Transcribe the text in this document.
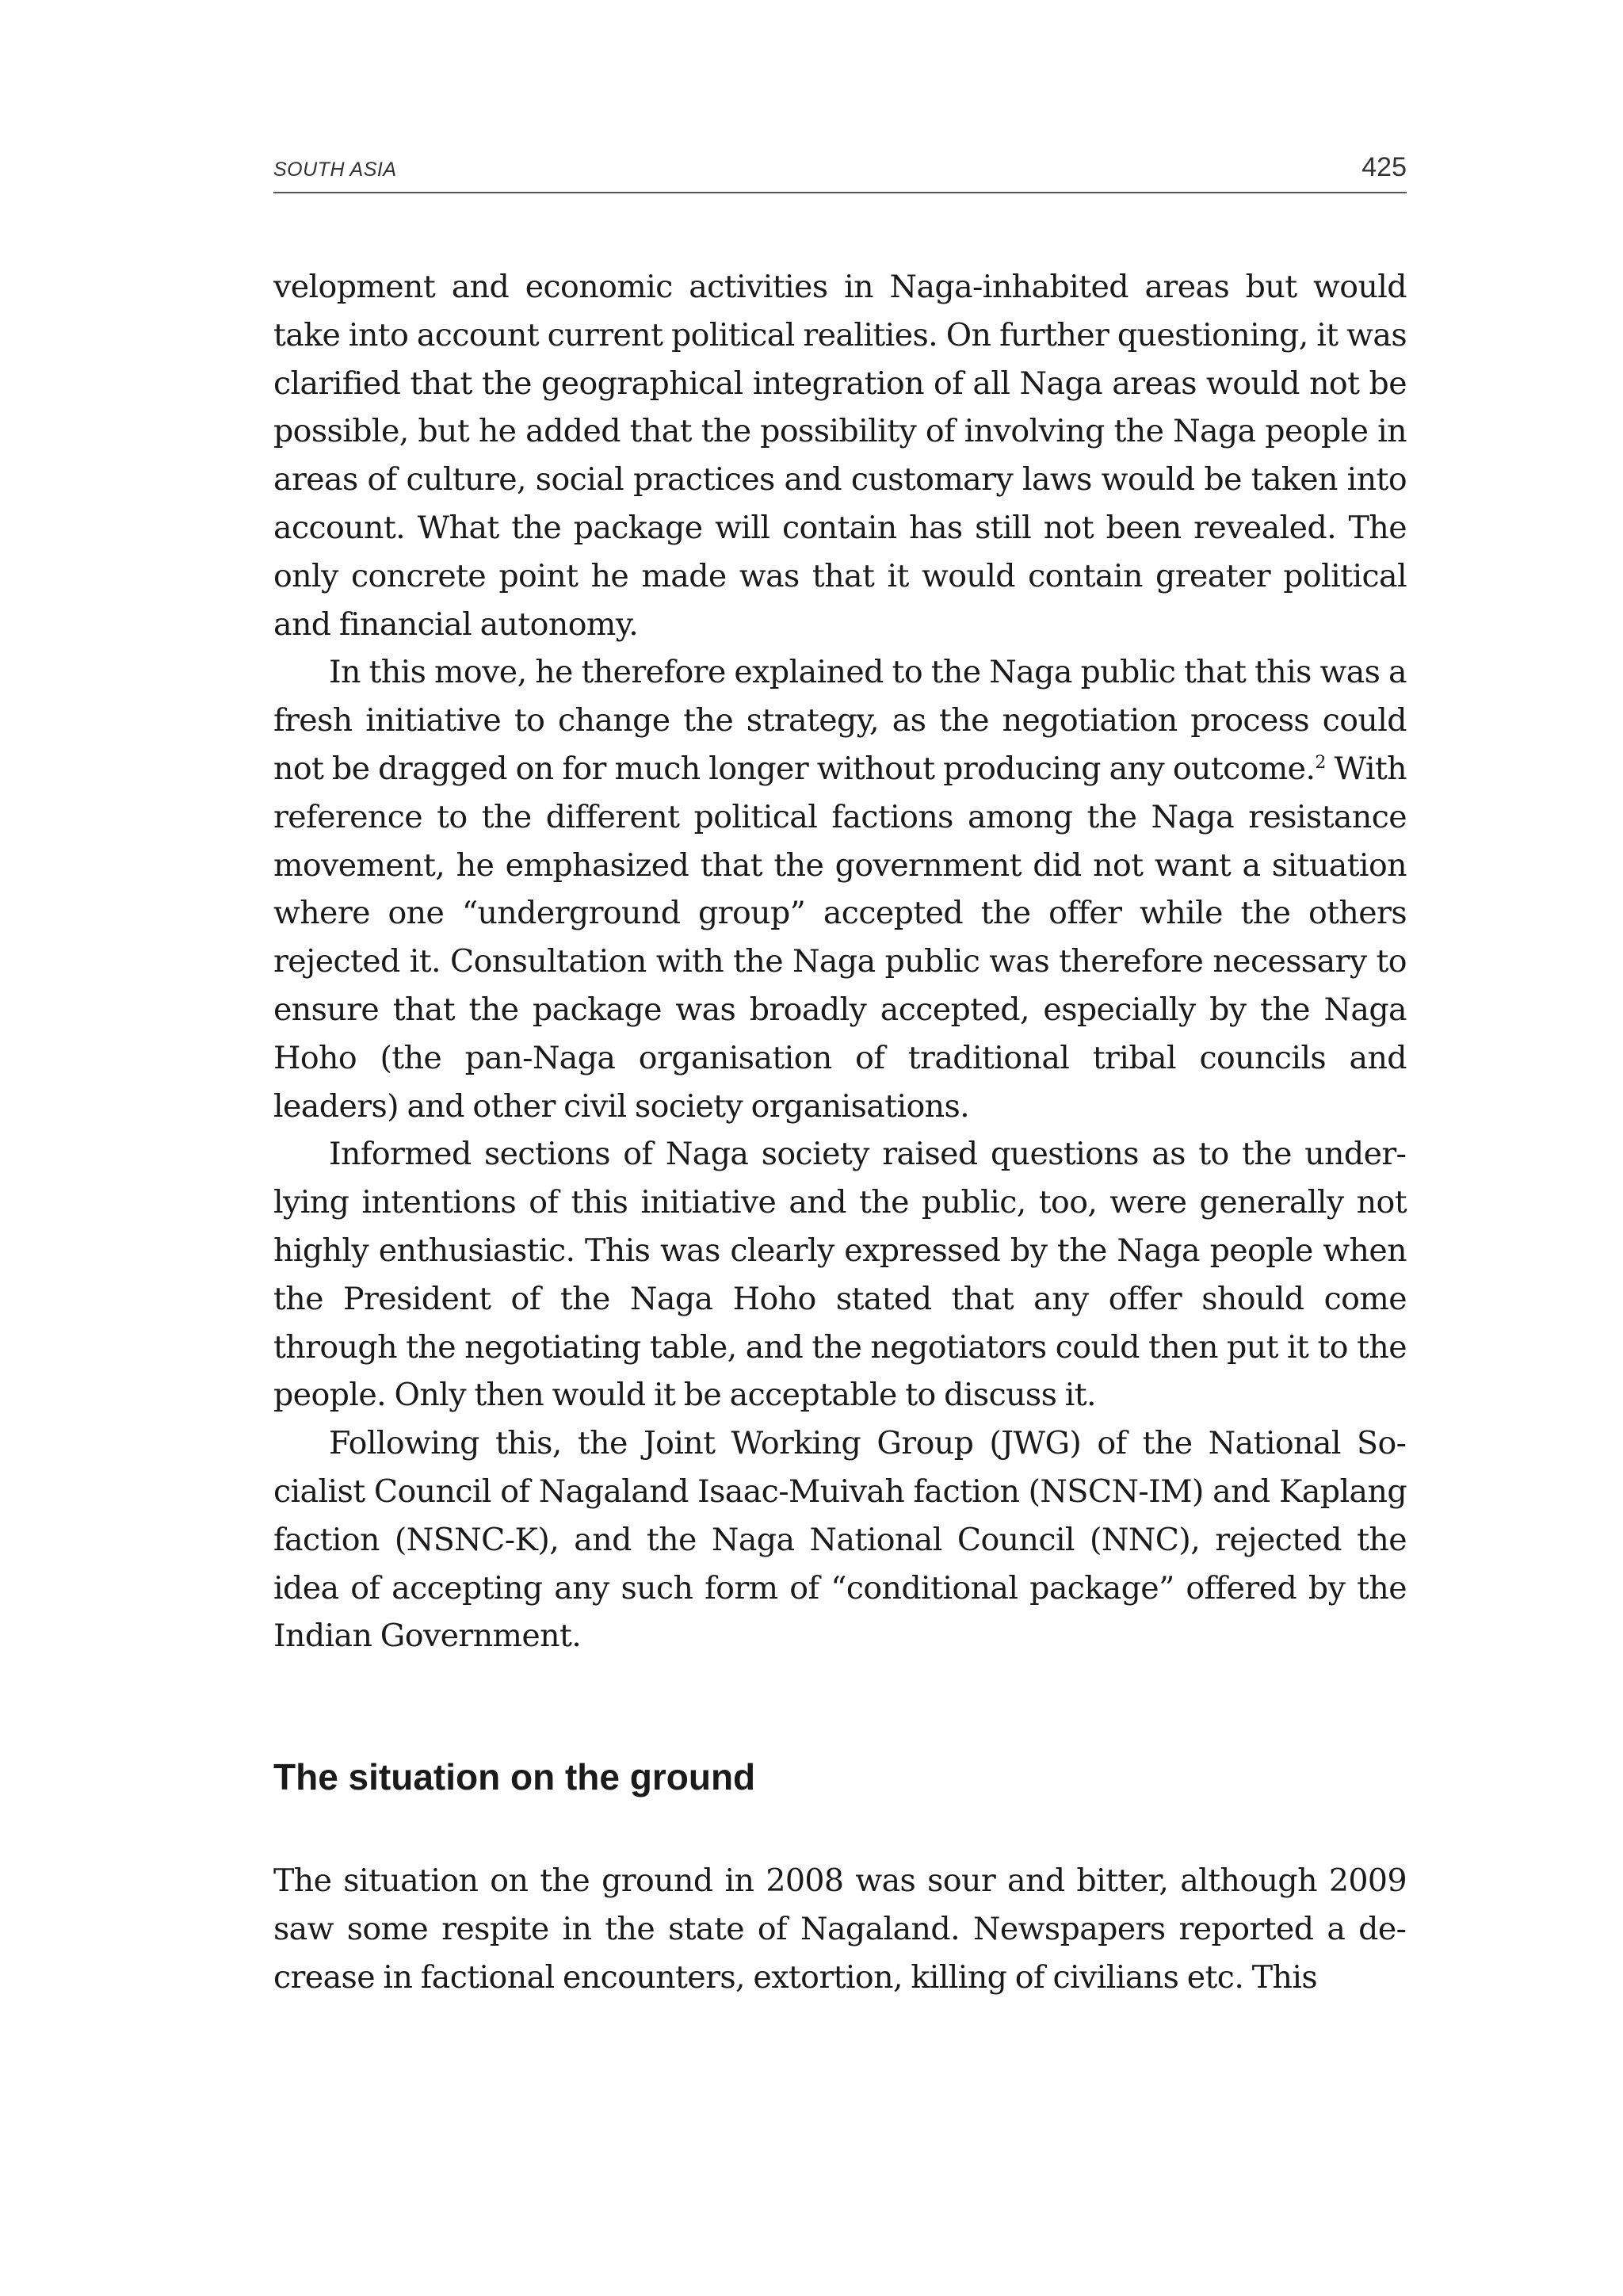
SOUTH ASIA	425

velopment and economic activities in Naga-inhabited areas but would take into account current political realities. On further questioning, it was clarified that the geographical integration of all Naga areas would not be possible, but he added that the possibility of involving the Naga people in areas of culture, social practices and customary laws would be taken into account. What the package will contain has still not been revealed. The only concrete point he made was that it would contain greater political and financial autonomy.

In this move, he therefore explained to the Naga public that this was a fresh initiative to change the strategy, as the negotiation process could not be dragged on for much longer without producing any outcome.$^2$ With reference to the different political factions among the Naga resistance movement, he emphasized that the government did not want a situation where one “underground group” accepted the offer while the others rejected it. Consultation with the Naga public was therefore necessary to ensure that the package was broadly accepted, especially by the Naga Hoho (the pan-Naga organisation of traditional tribal councils and leaders) and other civil society organisations.

Informed sections of Naga society raised questions as to the underlying intentions of this initiative and the public, too, were generally not highly enthusiastic. This was clearly expressed by the Naga people when the President of the Naga Hoho stated that any offer should come through the negotiating table, and the negotiators could then put it to the people. Only then would it be acceptable to discuss it.

Following this, the Joint Working Group (JWG) of the National Socialist Council of Nagaland Isaac-Muivah faction (NSCN-IM) and Kaplang faction (NSNC-K), and the Naga National Council (NNC), rejected the idea of accepting any such form of “conditional package” offered by the Indian Government.

The situation on the ground

The situation on the ground in 2008 was sour and bitter, although 2009 saw some respite in the state of Nagaland. Newspapers reported a decrease in factional encounters, extortion, killing of civilians etc. This
